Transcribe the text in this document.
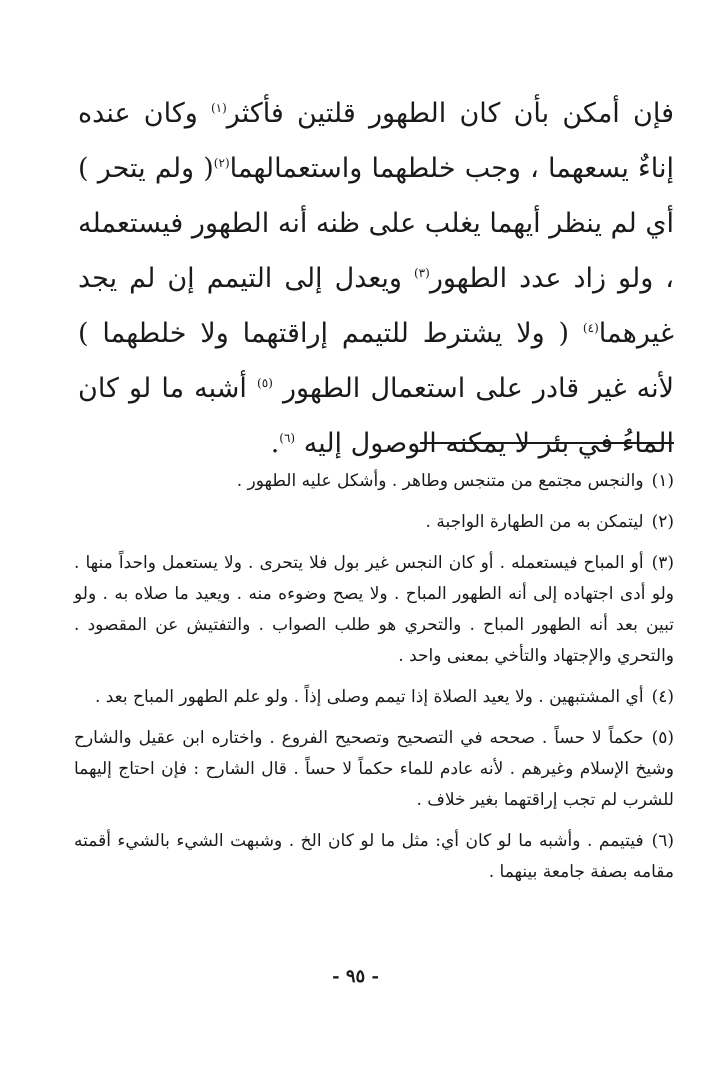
فإن أمكن بأن كان الطهور قلتين فأكثر$^{(١)}$ وكان عنده إناءٌ يسعهما ، وجب خلطهما واستعمالهما$^{(٢)}$( ولم يتحر ) أي لم ينظر أيهما يغلب على ظنه أنه الطهور فيستعمله ، ولو زاد عدد الطهور$^{(٣)}$ ويعدل إلى التيمم إن لم يجد غيرهما$^{(٤)}$ ( ولا يشترط للتيمم إراقتهما ولا خلطهما ) لأنه غير قادر على استعمال الطهور $^{(٥)}$ أشبه ما لو كان الماءُ في بئر لا يمكنه الوصول إليه $^{(٦)}$.

(١)والنجس مجتمع من متنجس وطاهر . وأشكل عليه الطهور .

(٢)ليتمكن به من الطهارة الواجبة .

(٣)أو المباح فيستعمله . أو كان النجس غير بول فلا يتحرى . ولا يستعمل واحداً منها . ولو أدى اجتهاده إلى أنه الطهور المباح . ولا يصح وضوءه منه . ويعيد ما صلاه به . ولو تبين بعد أنه الطهور المباح . والتحري هو طلب الصواب . والتفتيش عن المقصود . والتحري والإجتهاد والتأخي بمعنى واحد .

(٤)أي المشتبهين . ولا يعيد الصلاة إذا تيمم وصلى إذاً . ولو علم الطهور المباح بعد .

(٥)حكماً لا حساً . صححه في التصحيح وتصحيح الفروع . واختاره ابن عقيل والشارح وشيخ الإسلام وغيرهم . لأنه عادم للماء حكماً لا حساً . قال الشارح : فإن احتاج إليهما للشرب لم تجب إراقتهما بغير خلاف .

(٦)فيتيمم . وأشبه ما لو كان أي: مثل ما لو كان الخ . وشبهت الشيء بالشيء أقمته مقامه بصفة جامعة بينهما .

- ٩٥ -
